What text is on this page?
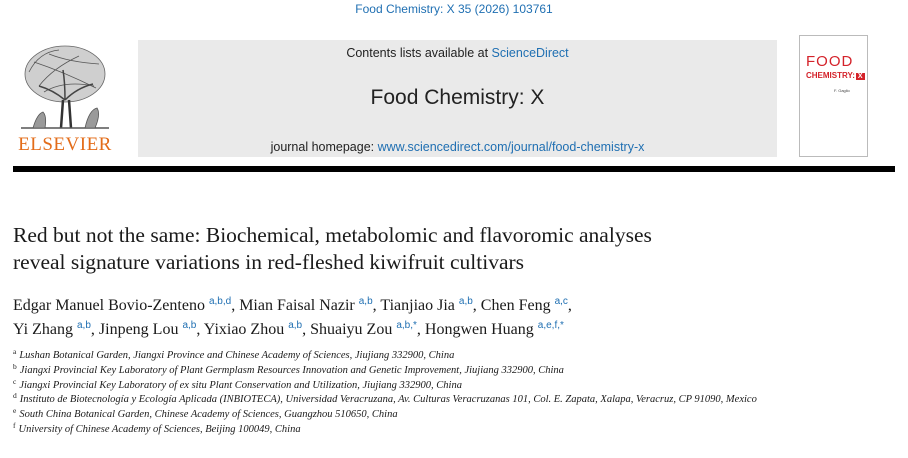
Food Chemistry: X 35 (2026) 103761
ELSEVIER
Contents lists available at ScienceDirect
Food Chemistry: X
journal homepage: www.sciencedirect.com/journal/food-chemistry-x
FOOD
CHEMISTRY: X
F. Gaglio
Red but not the same: Biochemical, metabolomic and flavoromic analyses
reveal signature variations in red-fleshed kiwifruit cultivars
Edgar Manuel Bovio-Zenteno $^{a,b,d}$, Mian Faisal Nazir $^{a,b}$, Tianjiao Jia $^{a,b}$, Chen Feng $^{a,c}$,
Yi Zhang $^{a,b}$, Jinpeng Lou $^{a,b}$, Yixiao Zhou $^{a,b}$, Shuaiyu Zou $^{a,b,*}$, Hongwen Huang $^{a,e,f,*}$
$^a$ Lushan Botanical Garden, Jiangxi Province and Chinese Academy of Sciences, Jiujiang 332900, China
$^b$ Jiangxi Provincial Key Laboratory of Plant Germplasm Resources Innovation and Genetic Improvement, Jiujiang 332900, China
$^c$ Jiangxi Provincial Key Laboratory of ex situ Plant Conservation and Utilization, Jiujiang 332900, China
$^d$ Instituto de Biotecnología y Ecología Aplicada (INBIOTECA), Universidad Veracruzana, Av. Culturas Veracruzanas 101, Col. E. Zapata, Xalapa, Veracruz, CP 91090, Mexico
$^e$ South China Botanical Garden, Chinese Academy of Sciences, Guangzhou 510650, China
$^f$ University of Chinese Academy of Sciences, Beijing 100049, China
